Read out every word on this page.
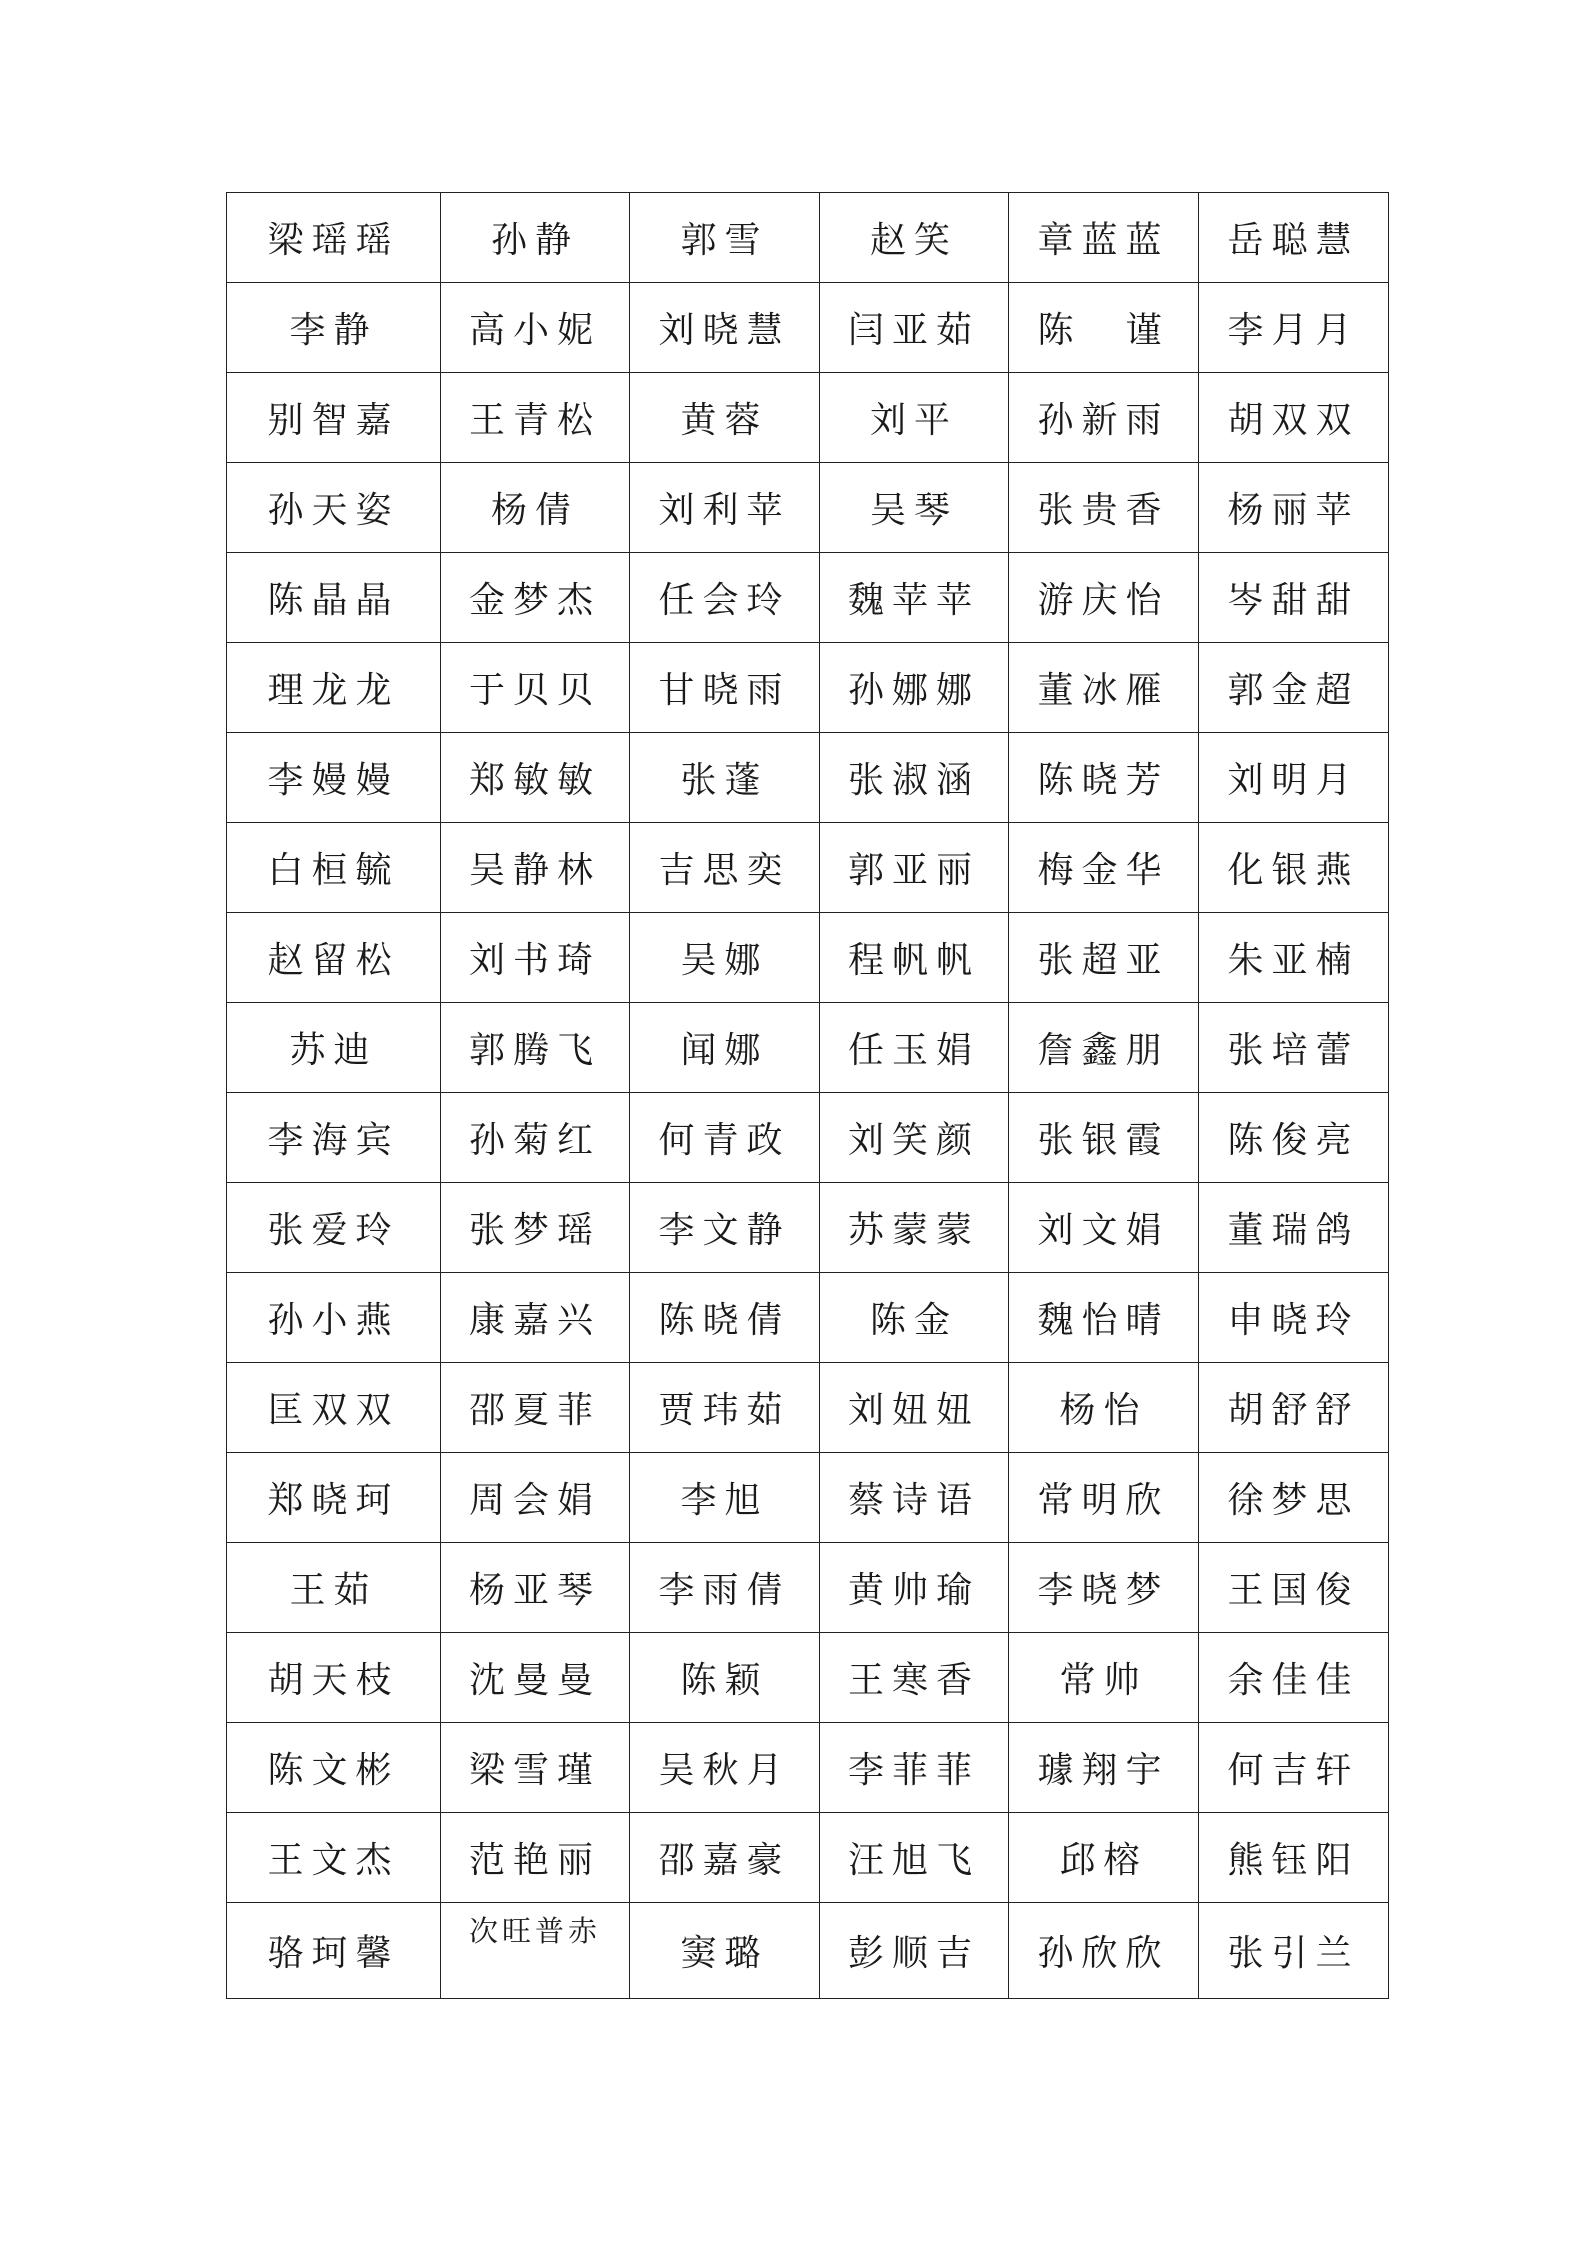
梁瑶瑶	孙静	郭雪	赵笑	章蓝蓝	岳聪慧
李静	高小妮	刘晓慧	闫亚茹	陈　谨	李月月
别智嘉	王青松	黄蓉	刘平	孙新雨	胡双双
孙天姿	杨倩	刘利苹	吴琴	张贵香	杨丽苹
陈晶晶	金梦杰	任会玲	魏苹苹	游庆怡	岑甜甜
理龙龙	于贝贝	甘晓雨	孙娜娜	董冰雁	郭金超
李嫚嫚	郑敏敏	张蓬	张淑涵	陈晓芳	刘明月
白桓毓	吴静林	吉思奕	郭亚丽	梅金华	化银燕
赵留松	刘书琦	吴娜	程帆帆	张超亚	朱亚楠
苏迪	郭腾飞	闻娜	任玉娟	詹鑫朋	张培蕾
李海宾	孙菊红	何青政	刘笑颜	张银霞	陈俊亮
张爱玲	张梦瑶	李文静	苏蒙蒙	刘文娟	董瑞鸽
孙小燕	康嘉兴	陈晓倩	陈金	魏怡晴	申晓玲
匡双双	邵夏菲	贾玮茹	刘妞妞	杨怡	胡舒舒
郑晓珂	周会娟	李旭	蔡诗语	常明欣	徐梦思
王茹	杨亚琴	李雨倩	黄帅瑜	李晓梦	王国俊
胡天枝	沈曼曼	陈颖	王寒香	常帅	余佳佳
陈文彬	梁雪瑾	吴秋月	李菲菲	璩翔宇	何吉轩
王文杰	范艳丽	邵嘉豪	汪旭飞	邱榕	熊钰阳
骆珂馨	次旺普赤	窦璐	彭顺吉	孙欣欣	张引兰
